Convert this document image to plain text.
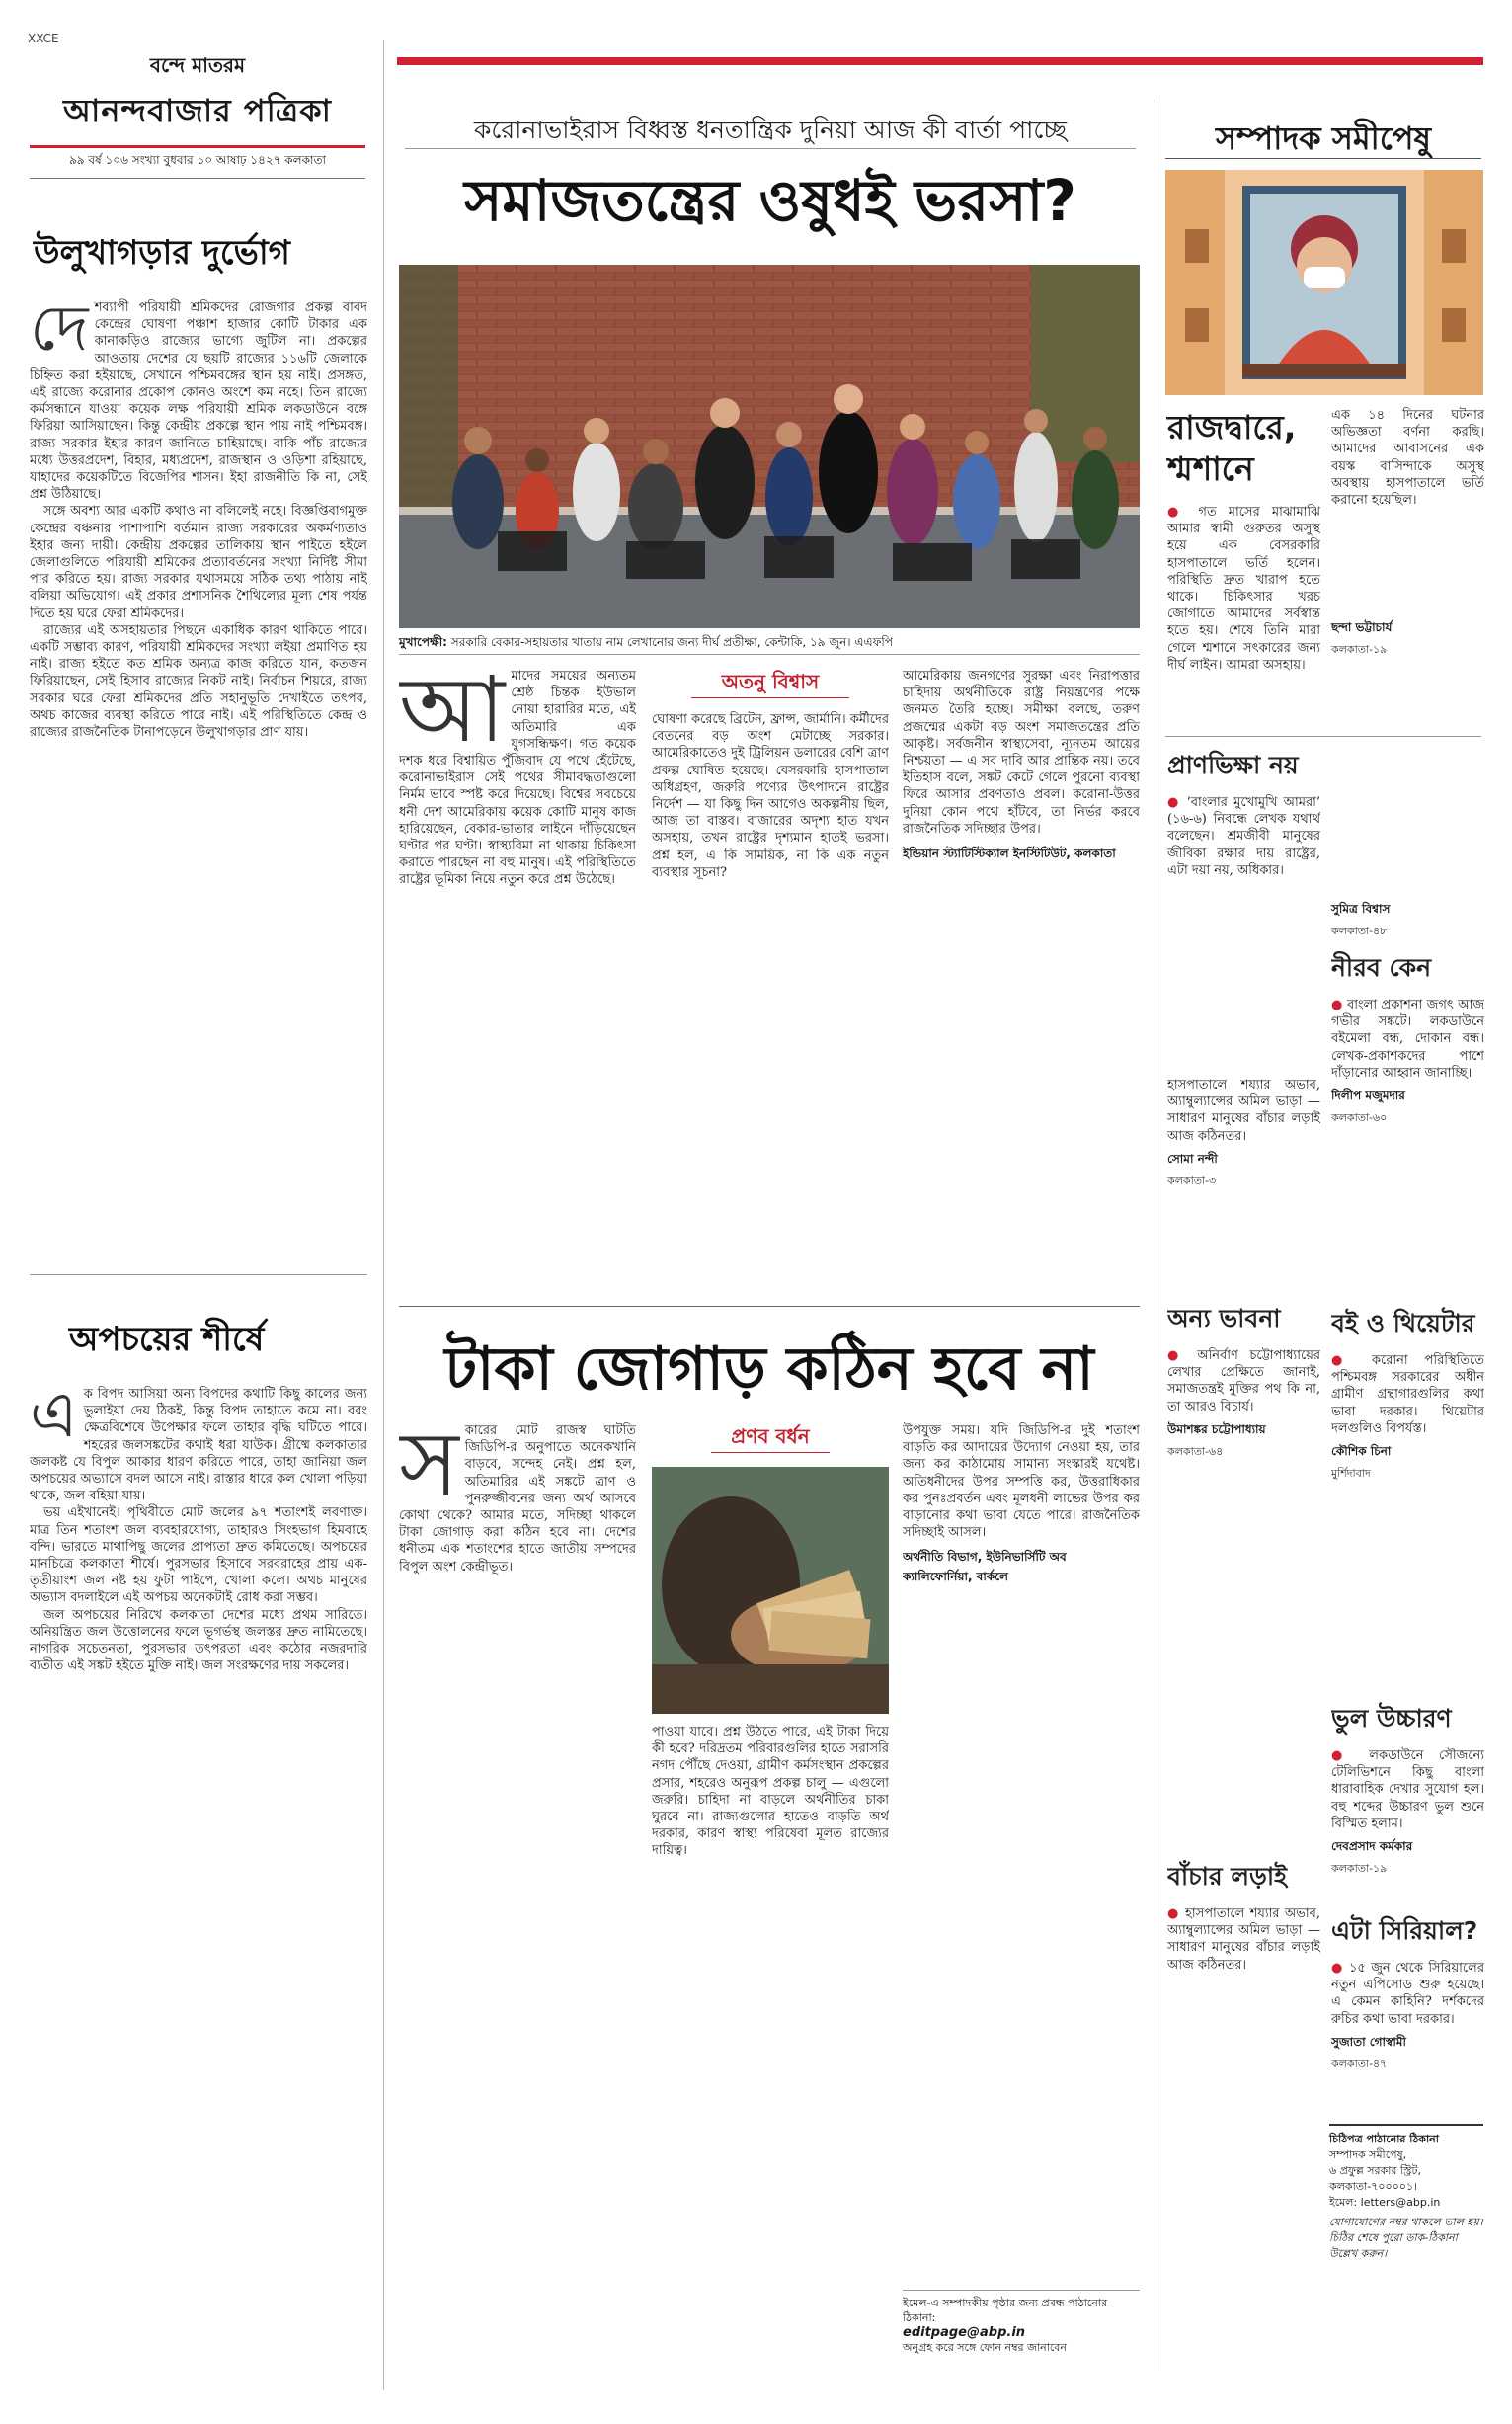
XXCE
বন্দে মাতরম
আনন্দবাজার পত্রিকা
৯৯ বর্ষ ১০৬ সংখ্যা বুধবার ১০ আষাঢ় ১৪২৭ কলকাতা
উলুখাগড়ার দুর্ভোগ
দে শব্যাপী পরিযায়ী শ্রমিকদের রোজগার প্রকল্প বাবদ কেন্দ্রের ঘোষণা পঞ্চাশ হাজার কোটি টাকার এক কানাকড়িও রাজ্যের ভাগ্যে জুটিল না। প্রকল্পের আওতায় দেশের যে ছয়টি রাজ্যের ১১৬টি জেলাকে চিহ্নিত করা হইয়াছে, সেখানে পশ্চিমবঙ্গের স্থান হয় নাই। প্রসঙ্গত, এই রাজ্যে করোনার প্রকোপ কোনও অংশে কম নহে। তিন রাজ্যে কর্মসন্ধানে যাওয়া কয়েক লক্ষ পরিযায়ী শ্রমিক লকডাউনে বঙ্গে ফিরিয়া আসিয়াছেন। কিন্তু কেন্দ্রীয় প্রকল্পে স্থান পায় নাই পশ্চিমবঙ্গ। রাজ্য সরকার ইহার কারণ জানিতে চাহিয়াছে। বাকি পাঁচ রাজ্যের মধ্যে উত্তরপ্রদেশ, বিহার, মধ্যপ্রদেশ, রাজস্থান ও ওড়িশা রহিয়াছে, যাহাদের কয়েকটিতে বিজেপির শাসন। ইহা রাজনীতি কি না, সেই প্রশ্ন উঠিয়াছে।

সঙ্গে অবশ্য আর একটি কথাও না বলিলেই নহে। বিজ্ঞপ্তিবাগমুক্ত কেন্দ্রের বঞ্চনার পাশাপাশি বর্তমান রাজ্য সরকারের অকর্মণ্যতাও ইহার জন্য দায়ী। কেন্দ্রীয় প্রকল্পের তালিকায় স্থান পাইতে হইলে জেলাগুলিতে পরিযায়ী শ্রমিকের প্রত্যাবর্তনের সংখ্যা নির্দিষ্ট সীমা পার করিতে হয়। রাজ্য সরকার যথাসময়ে সঠিক তথ্য পাঠায় নাই বলিয়া অভিযোগ। এই প্রকার প্রশাসনিক শৈথিল্যের মূল্য শেষ পর্যন্ত দিতে হয় ঘরে ফেরা শ্রমিকদের।

রাজ্যের এই অসহায়তার পিছনে একাধিক কারণ থাকিতে পারে। একটি সম্ভাব্য কারণ, পরিযায়ী শ্রমিকদের সংখ্যা লইয়া প্রমাণিত হয় নাই। রাজ্য হইতে কত শ্রমিক অন্যত্র কাজ করিতে যান, কতজন ফিরিয়াছেন, সেই হিসাব রাজ্যের নিকট নাই। নির্বাচন শিয়রে, রাজ্য সরকার ঘরে ফেরা শ্রমিকদের প্রতি সহানুভূতি দেখাইতে তৎপর, অথচ কাজের ব্যবস্থা করিতে পারে নাই। এই পরিস্থিতিতে কেন্দ্র ও রাজ্যের রাজনৈতিক টানাপড়েনে উলুখাগড়ার প্রাণ যায়।

অপচয়ের শীর্ষে
এ ক বিপদ আসিয়া অন্য বিপদের কথাটি কিছু কালের জন্য ভুলাইয়া দেয় ঠিকই, কিন্তু বিপদ তাহাতে কমে না। বরং ক্ষেত্রবিশেষে উপেক্ষার ফলে তাহার বৃদ্ধি ঘটিতে পারে। শহরের জলসঙ্কটের কথাই ধরা যাউক। গ্রীষ্মে কলকাতার জলকষ্ট যে বিপুল আকার ধারণ করিতে পারে, তাহা জানিয়া জল অপচয়ের অভ্যাসে বদল আসে নাই। রাস্তার ধারে কল খোলা পড়িয়া থাকে, জল বহিয়া যায়।

ভয় এইখানেই। পৃথিবীতে মোট জলের ৯৭ শতাংশই লবণাক্ত। মাত্র তিন শতাংশ জল ব্যবহারযোগ্য, তাহারও সিংহভাগ হিমবাহে বন্দি। ভারতে মাথাপিছু জলের প্রাপ্যতা দ্রুত কমিতেছে। অপচয়ের মানচিত্রে কলকাতা শীর্ষে। পুরসভার হিসাবে সরবরাহের প্রায় এক-তৃতীয়াংশ জল নষ্ট হয় ফুটা পাইপে, খোলা কলে। অথচ মানুষের অভ্যাস বদলাইলে এই অপচয় অনেকটাই রোধ করা সম্ভব।

জল অপচয়ের নিরিখে কলকাতা দেশের মধ্যে প্রথম সারিতে। অনিয়ন্ত্রিত জল উত্তোলনের ফলে ভূগর্ভস্থ জলস্তর দ্রুত নামিতেছে। নাগরিক সচেতনতা, পুরসভার তৎপরতা এবং কঠোর নজরদারি ব্যতীত এই সঙ্কট হইতে মুক্তি নাই। জল সংরক্ষণের দায় সকলের।

করোনাভাইরাস বিধ্বস্ত ধনতান্ত্রিক দুনিয়া আজ কী বার্তা পাচ্ছে
সমাজতন্ত্রের ওষুধই ভরসা?
মুখাপেক্ষী: সরকারি বেকার-সহায়তার খাতায় নাম লেখানোর জন্য দীর্ঘ প্রতীক্ষা, কেন্টাকি, ১৯ জুন। এএফপি
আ মাদের সময়ের অন্যতম শ্রেষ্ঠ চিন্তক ইউভাল নোয়া হারারির মতে, এই অতিমারি এক যুগসন্ধিক্ষণ। গত কয়েক দশক ধরে বিশ্বায়িত পুঁজিবাদ যে পথে হেঁটেছে, করোনাভাইরাস সেই পথের সীমাবদ্ধতাগুলো নির্মম ভাবে স্পষ্ট করে দিয়েছে। বিশ্বের সবচেয়ে ধনী দেশ আমেরিকায় কয়েক কোটি মানুষ কাজ হারিয়েছেন, বেকার-ভাতার লাইনে দাঁড়িয়েছেন ঘণ্টার পর ঘণ্টা। স্বাস্থ্যবিমা না থাকায় চিকিৎসা করাতে পারছেন না বহু মানুষ। এই পরিস্থিতিতে রাষ্ট্রের ভূমিকা নিয়ে নতুন করে প্রশ্ন উঠেছে।
অতনু বিশ্বাস
ঘোষণা করেছে ব্রিটেন, ফ্রান্স, জার্মানি। কর্মীদের বেতনের বড় অংশ মেটাচ্ছে সরকার। আমেরিকাতেও দুই ট্রিলিয়ন ডলারের বেশি ত্রাণ প্রকল্প ঘোষিত হয়েছে। বেসরকারি হাসপাতাল অধিগ্রহণ, জরুরি পণ্যের উৎপাদনে রাষ্ট্রের নির্দেশ — যা কিছু দিন আগেও অকল্পনীয় ছিল, আজ তা বাস্তব। বাজারের অদৃশ্য হাত যখন অসহায়, তখন রাষ্ট্রের দৃশ্যমান হাতই ভরসা। প্রশ্ন হল, এ কি সাময়িক, না কি এক নতুন ব্যবস্থার সূচনা?
আমেরিকায় জনগণের সুরক্ষা এবং নিরাপত্তার চাহিদায় অর্থনীতিকে রাষ্ট্র নিয়ন্ত্রণের পক্ষে জনমত তৈরি হচ্ছে। সমীক্ষা বলছে, তরুণ প্রজন্মের একটা বড় অংশ সমাজতন্ত্রের প্রতি আকৃষ্ট। সর্বজনীন স্বাস্থ্যসেবা, ন্যূনতম আয়ের নিশ্চয়তা — এ সব দাবি আর প্রান্তিক নয়। তবে ইতিহাস বলে, সঙ্কট কেটে গেলে পুরনো ব্যবস্থা ফিরে আসার প্রবণতাও প্রবল। করোনা-উত্তর দুনিয়া কোন পথে হাঁটবে, তা নির্ভর করবে রাজনৈতিক সদিচ্ছার উপর।
ইন্ডিয়ান স্ট্যাটিস্টিক্যাল ইনস্টিটিউট, কলকাতা
টাকা জোগাড় কঠিন হবে না
স কারের মোট রাজস্ব ঘাটতি জিডিপি-র অনুপাতে অনেকখানি বাড়বে, সন্দেহ নেই। প্রশ্ন হল, অতিমারির এই সঙ্কটে ত্রাণ ও পুনরুজ্জীবনের জন্য অর্থ আসবে কোথা থেকে? আমার মতে, সদিচ্ছা থাকলে টাকা জোগাড় করা কঠিন হবে না। দেশের ধনীতম এক শতাংশের হাতে জাতীয় সম্পদের বিপুল অংশ কেন্দ্রীভূত।
প্রণব বর্ধন
পাওয়া যাবে। প্রশ্ন উঠতে পারে, এই টাকা দিয়ে কী হবে? দরিদ্রতম পরিবারগুলির হাতে সরাসরি নগদ পৌঁছে দেওয়া, গ্রামীণ কর্মসংস্থান প্রকল্পের প্রসার, শহরেও অনুরূপ প্রকল্প চালু — এগুলো জরুরি। চাহিদা না বাড়লে অর্থনীতির চাকা ঘুরবে না। রাজ্যগুলোর হাতেও বাড়তি অর্থ দরকার, কারণ স্বাস্থ্য পরিষেবা মূলত রাজ্যের দায়িত্ব।
উপযুক্ত সময়। যদি জিডিপি-র দুই শতাংশ বাড়তি কর আদায়ের উদ্যোগ নেওয়া হয়, তার জন্য কর কাঠামোয় সামান্য সংস্কারই যথেষ্ট। অতিধনীদের উপর সম্পত্তি কর, উত্তরাধিকার কর পুনঃপ্রবর্তন এবং মূলধনী লাভের উপর কর বাড়ানোর কথা ভাবা যেতে পারে। রাজনৈতিক সদিচ্ছাই আসল।
অর্থনীতি বিভাগ, ইউনিভার্সিটি অব ক্যালিফোর্নিয়া, বার্কলে
ইমেল-এ সম্পাদকীয় পৃষ্ঠার জন্য প্রবন্ধ পাঠানোর ঠিকানা:
editpage@abp.in
অনুগ্রহ করে সঙ্গে ফোন নম্বর জানাবেন
সম্পাদক সমীপেষু
রাজদ্বারে, শ্মশানে
এক ১৪ দিনের ঘটনার অভিজ্ঞতা বর্ণনা করছি। আমাদের আবাসনের এক বয়স্ক বাসিন্দাকে অসুস্থ অবস্থায় হাসপাতালে ভর্তি করানো হয়েছিল।
● গত মাসের মাঝামাঝি আমার স্বামী গুরুতর অসুস্থ হয়ে এক বেসরকারি হাসপাতালে ভর্তি হলেন। পরিস্থিতি দ্রুত খারাপ হতে থাকে। চিকিৎসার খরচ জোগাতে আমাদের সর্বস্বান্ত হতে হয়। শেষে তিনি মারা গেলে শ্মশানে সৎকারের জন্য দীর্ঘ লাইন। আমরা অসহায়।
ছন্দা ভট্টাচার্য
কলকাতা-১৯
প্রাণভিক্ষা নয়
● ‘বাংলার মুখোমুখি আমরা’ (১৬-৬) নিবন্ধে লেখক যথার্থ বলেছেন। শ্রমজীবী মানুষের জীবিকা রক্ষার দায় রাষ্ট্রের, এটা দয়া নয়, অধিকার।
সুমিত্র বিশ্বাস
কলকাতা-৪৮
নীরব কেন
● বাংলা প্রকাশনা জগৎ আজ গভীর সঙ্কটে। লকডাউনে বইমেলা বন্ধ, দোকান বন্ধ। লেখক-প্রকাশকদের পাশে দাঁড়ানোর আহ্বান জানাচ্ছি।
দিলীপ মজুমদার
কলকাতা-৬০
হাসপাতালে শয্যার অভাব, অ্যাম্বুল্যান্সের অমিল ভাড়া — সাধারণ মানুষের বাঁচার লড়াই আজ কঠিনতর।
সোমা নন্দী
কলকাতা-৩
অন্য ভাবনা
● অনির্বাণ চট্টোপাধ্যায়ের লেখার প্রেক্ষিতে জানাই, সমাজতন্ত্রই মুক্তির পথ কি না, তা আরও বিচার্য।
উমাশঙ্কর চট্টোপাধ্যায়
কলকাতা-৬৪
বই ও থিয়েটার
● করোনা পরিস্থিতিতে পশ্চিমবঙ্গ সরকারের অধীন গ্রামীণ গ্রন্থাগারগুলির কথা ভাবা দরকার। থিয়েটার দলগুলিও বিপর্যস্ত।
কৌশিক চিনা
মুর্শিদাবাদ
ভুল উচ্চারণ
● লকডাউনে সৌজন্যে টেলিভিশনে কিছু বাংলা ধারাবাহিক দেখার সুযোগ হল। বহু শব্দের উচ্চারণ ভুল শুনে বিস্মিত হলাম।
দেবপ্রসাদ কর্মকার
কলকাতা-১৯
বাঁচার লড়াই
● হাসপাতালে শয্যার অভাব, অ্যাম্বুল্যান্সের অমিল ভাড়া — সাধারণ মানুষের বাঁচার লড়াই আজ কঠিনতর।
এটা সিরিয়াল?
● ১৫ জুন থেকে সিরিয়ালের নতুন এপিসোড শুরু হয়েছে। এ কেমন কাহিনি? দর্শকদের রুচির কথা ভাবা দরকার।
সুজাতা গোস্বামী
কলকাতা-৪৭
চিঠিপত্র পাঠানোর ঠিকানা
সম্পাদক সমীপেষু,
৬ প্রফুল্ল সরকার স্ট্রিট,
কলকাতা-৭০০০০১।
ইমেল: letters@abp.in
যোগাযোগের নম্বর থাকলে ভাল হয়। চিঠির শেষে পুরো ডাক-ঠিকানা উল্লেখ করুন।
